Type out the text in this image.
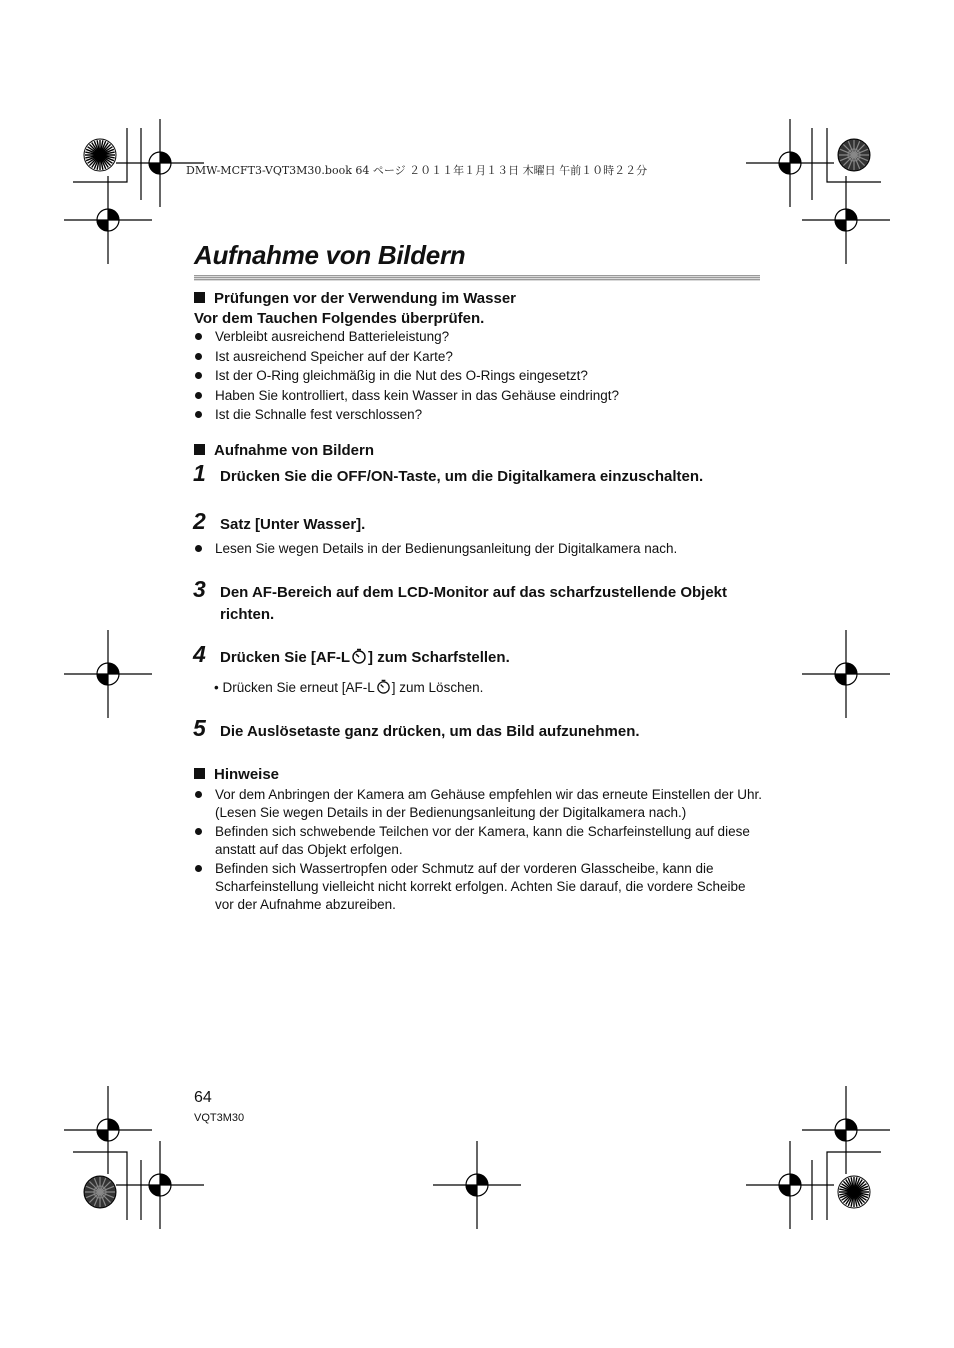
DMW-MCFT3-VQT3M30.book 64 ページ ２０１１年１月１３日 木曜日 午前１０時２２分
Aufnahme von Bildern
Prüfungen vor der Verwendung im Wasser
Vor dem Tauchen Folgendes überprüfen.
Verbleibt ausreichend Batterieleistung?
Ist ausreichend Speicher auf der Karte?
Ist der O-Ring gleichmäßig in die Nut des O-Rings eingesetzt?
Haben Sie kontrolliert, dass kein Wasser in das Gehäuse eindringt?
Ist die Schnalle fest verschlossen?
Aufnahme von Bildern
1 Drücken Sie die OFF/ON-Taste, um die Digitalkamera einzuschalten.
2 Satz [Unter Wasser].
Lesen Sie wegen Details in der Bedienungsanleitung der Digitalkamera nach.
3 Den AF-Bereich auf dem LCD-Monitor auf das scharfzustellende Objekt richten.
4 Drücken Sie [AF-L ] zum Scharfstellen.
• Drücken Sie erneut [AF-L ] zum Löschen.
5 Die Auslösetaste ganz drücken, um das Bild aufzunehmen.
Hinweise
Vor dem Anbringen der Kamera am Gehäuse empfehlen wir das erneute Einstellen der Uhr. (Lesen Sie wegen Details in der Bedienungsanleitung der Digitalkamera nach.)
Befinden sich schwebende Teilchen vor der Kamera, kann die Scharfeinstellung auf diese anstatt auf das Objekt erfolgen.
Befinden sich Wassertropfen oder Schmutz auf der vorderen Glasscheibe, kann die Scharfeinstellung vielleicht nicht korrekt erfolgen. Achten Sie darauf, die vordere Scheibe vor der Aufnahme abzureiben.
64
VQT3M30
